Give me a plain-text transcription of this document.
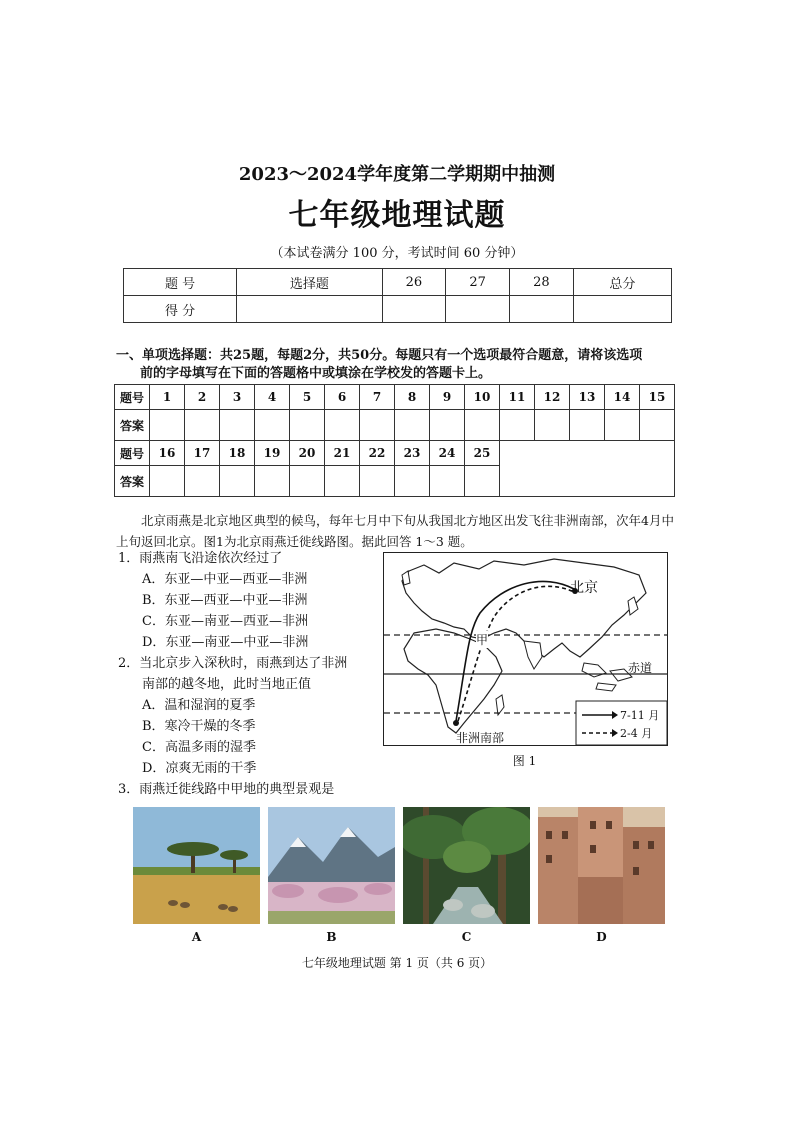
2023～2024学年度第二学期期中抽测
七年级地理试题
（本试卷满分 100 分，考试时间 60 分钟）
题 号	选择题	26	27	28	总分
得 分					
一、单项选择题：共25题，每题2分，共50分。每题只有一个选项最符合题意，请将该选项
前的字母填写在下面的答题格中或填涂在学校发的答题卡上。
题号	1	2	3	4	5	6	7	8	9	10	11	12	13	14	15
答案															
题号	16	17	18	19	20	21	22	23	24	25					
答案															
北京雨燕是北京地区典型的候鸟，每年七月中下旬从我国北方地区出发飞往非洲南部，次年4月中上旬返回北京。图1为北京雨燕迁徙线路图。据此回答 1～3 题。
1．雨燕南飞沿途依次经过了
A．东亚—中亚—西亚—非洲
B．东亚—西亚—中亚—非洲
C．东亚—南亚—西亚—非洲
D．东亚—南亚—中亚—非洲
2．当北京步入深秋时，雨燕到达了非洲
南部的越冬地，此时当地正值
A．温和湿润的夏季
B．寒冷干燥的冬季
C．高温多雨的湿季
D．凉爽无雨的干季
3．雨燕迁徙线路中甲地的典型景观是
北京
甲
赤道
非洲南部
7-11 月
2-4 月
图 1
A	B	C	D
七年级地理试题 第 1 页（共 6 页）
